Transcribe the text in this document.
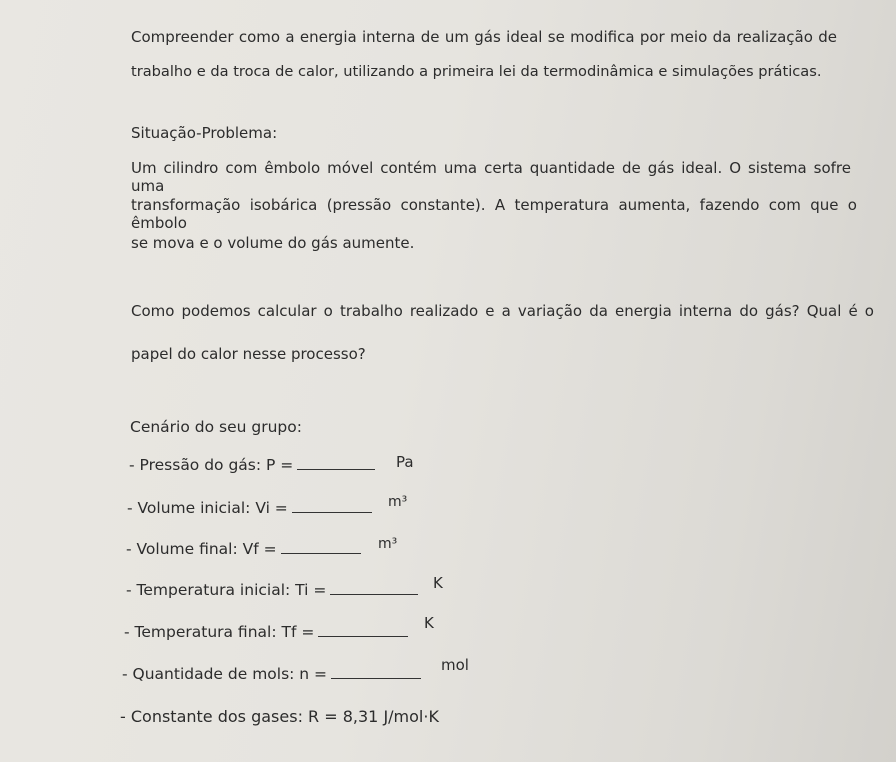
Compreender como a energia interna de um gás ideal se modifica por meio da realização de
trabalho e da troca de calor, utilizando a primeira lei da termodinâmica e simulações práticas.
Situação-Problema:
Um cilindro com êmbolo móvel contém uma certa quantidade de gás ideal. O sistema sofre uma
transformação isobárica (pressão constante). A temperatura aumenta, fazendo com que o êmbolo
se mova e o volume do gás aumente.
Como podemos calcular o trabalho realizado e a variação da energia interna do gás? Qual é o
papel do calor nesse processo?
Cenário do seu grupo:
- Pressão do gás: P =	Pa
- Volume inicial: Vi =	m³
- Volume final: Vf =	m³
- Temperatura inicial: Ti =	K
- Temperatura final: Tf =	K
- Quantidade de mols: n =	mol
- Constante dos gases: R = 8,31 J/mol·K
